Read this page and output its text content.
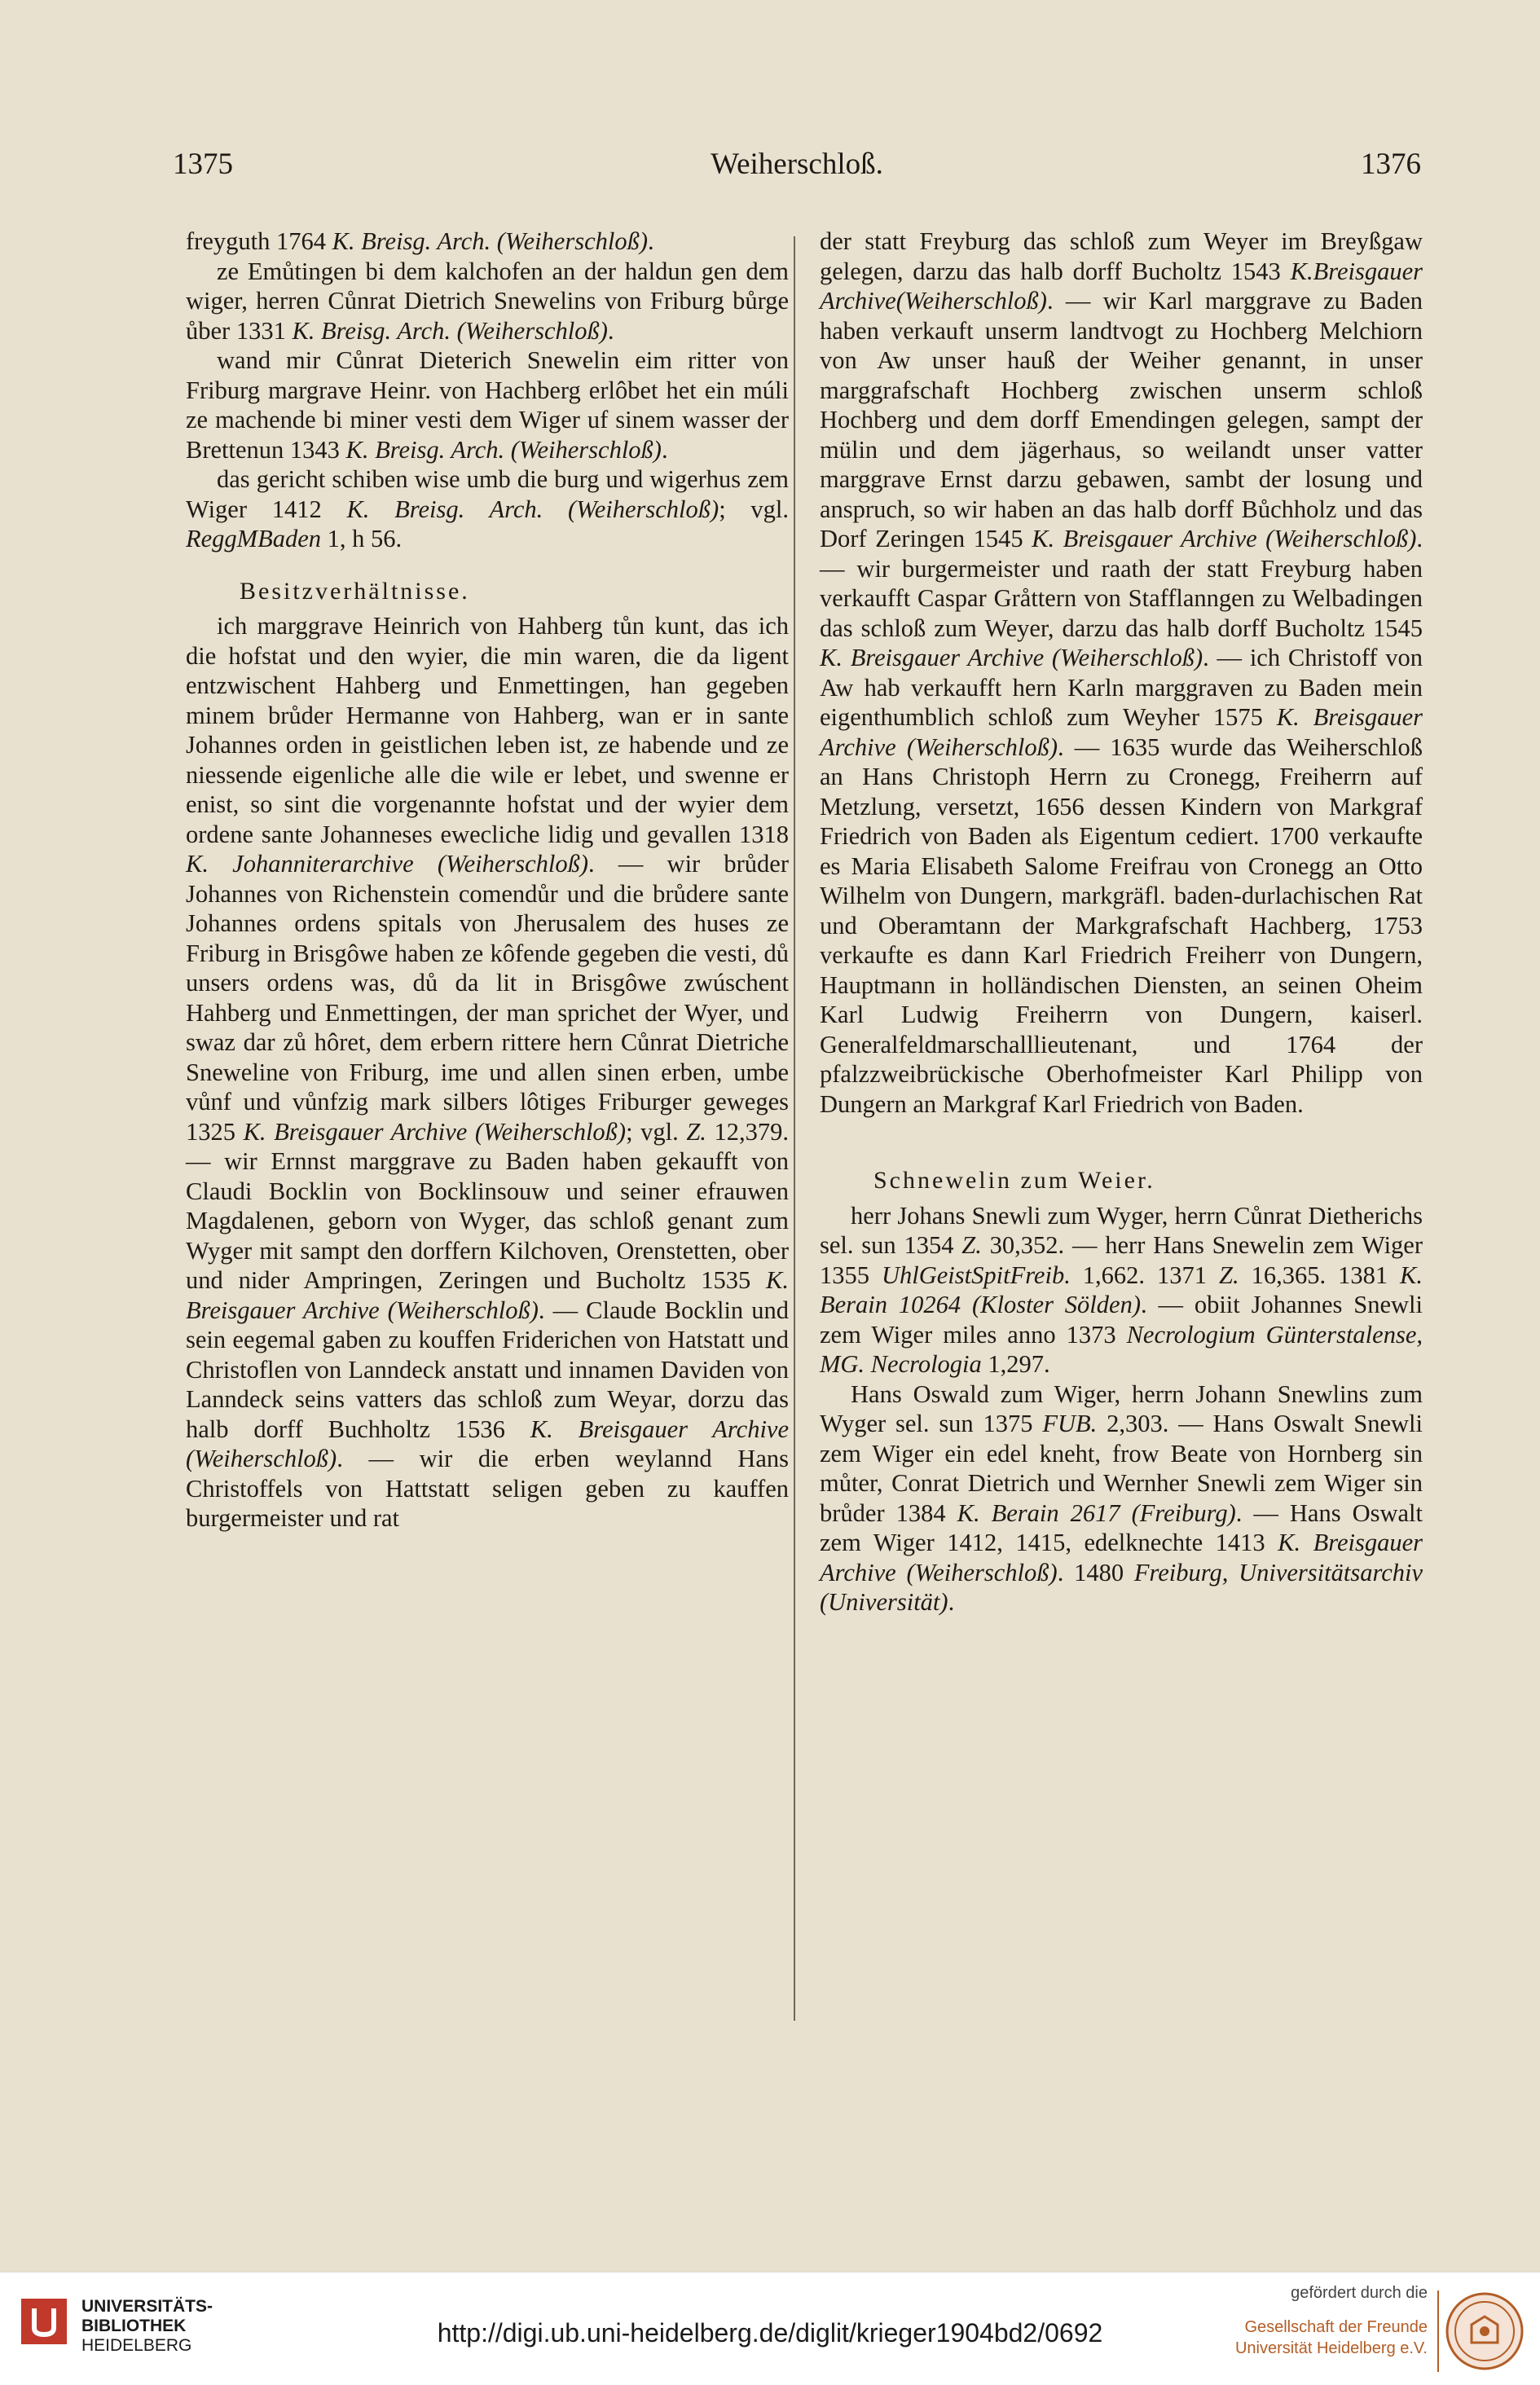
1375	Weiherschloß.	1376

freyguth 1764 K. Breisg. Arch. (Weiherschloß).

ze Emůtingen bi dem kalchofen an der haldun gen dem wiger, herren Cůnrat Dietrich Snewelins von Friburg bůrge ůber 1331 K. Breisg. Arch. (Weiherschloß).

wand mir Cůnrat Dieterich Snewelin eim ritter von Friburg margrave Heinr. von Hachberg erlôbet het ein múli ze machende bi miner vesti dem Wiger uf sinem wasser der Brettenun 1343 K. Breisg. Arch. (Weiherschloß).

das gericht schiben wise umb die burg und wigerhus zem Wiger 1412 K. Breisg. Arch. (Weiherschloß); vgl. ReggMBaden 1, h 56.

Besitzverhältnisse.

ich marggrave Heinrich von Hahberg tůn kunt, das ich die hofstat und den wyier, die min waren, die da ligent entzwischent Hahberg und Enmettingen, han gegeben minem brůder Hermanne von Hahberg, wan er in sante Johannes orden in geistlichen leben ist, ze habende und ze niessende eigenliche alle die wile er lebet, und swenne er enist, so sint die vorgenannte hofstat und der wyier dem ordene sante Johanneses ewecliche lidig und gevallen 1318 K. Johanniterarchive (Weiherschloß). — wir brůder Johannes von Richenstein comendůr und die brůdere sante Johannes ordens spitals von Jherusalem des huses ze Friburg in Brisgôwe haben ze kôfende gegeben die vesti, dů unsers ordens was, dů da lit in Brisgôwe zwúschent Hahberg und Enmettingen, der man sprichet der Wyer, und swaz dar zů hôret, dem erbern rittere hern Cůnrat Dietriche Sneweline von Friburg, ime und allen sinen erben, umbe vůnf und vůnfzig mark silbers lôtiges Friburger geweges 1325 K. Breisgauer Archive (Weiherschloß); vgl. Z. 12,379. — wir Ernnst marggrave zu Baden haben gekaufft von Claudi Bocklin von Bocklinsouw und seiner efrauwen Magdalenen, geborn von Wyger, das schloß genant zum Wyger mit sampt den dorffern Kilchoven, Orenstetten, ober und nider Ampringen, Zeringen und Bucholtz 1535 K. Breisgauer Archive (Weiherschloß). — Claude Bocklin und sein eegemal gaben zu kouffen Friderichen von Hatstatt und Christoflen von Lanndeck anstatt und innamen Daviden von Lanndeck seins vatters das schloß zum Weyar, dorzu das halb dorff Buchholtz 1536 K. Breisgauer Archive (Weiherschloß). — wir die erben weylannd Hans Christoffels von Hattstatt seligen geben zu kauffen burgermeister und rat

der statt Freyburg das schloß zum Weyer im Breyßgaw gelegen, darzu das halb dorff Bucholtz 1543 K.Breisgauer Archive(Weiherschloß). — wir Karl marggrave zu Baden haben verkauft unserm landtvogt zu Hochberg Melchiorn von Aw unser hauß der Weiher genannt, in unser marggrafschaft Hochberg zwischen unserm schloß Hochberg und dem dorff Emendingen gelegen, sampt der mülin und dem jägerhaus, so weilandt unser vatter marggrave Ernst darzu gebawen, sambt der losung und anspruch, so wir haben an das halb dorff Bůchholz und das Dorf Zeringen 1545 K. Breisgauer Archive (Weiherschloß). — wir burgermeister und raath der statt Freyburg haben verkaufft Caspar Gråttern von Stafflanngen zu Welbadingen das schloß zum Weyer, darzu das halb dorff Bucholtz 1545 K. Breisgauer Archive (Weiherschloß). — ich Christoff von Aw hab verkaufft hern Karln marggraven zu Baden mein eigenthumblich schloß zum Weyher 1575 K. Breisgauer Archive (Weiherschloß). — 1635 wurde das Weiherschloß an Hans Christoph Herrn zu Cronegg, Freiherrn auf Metzlung, versetzt, 1656 dessen Kindern von Markgraf Friedrich von Baden als Eigentum cediert. 1700 verkaufte es Maria Elisabeth Salome Freifrau von Cronegg an Otto Wilhelm von Dungern, markgräfl. baden-durlachischen Rat und Oberamtann der Markgrafschaft Hachberg, 1753 verkaufte es dann Karl Friedrich Freiherr von Dungern, Hauptmann in holländischen Diensten, an seinen Oheim Karl Ludwig Freiherrn von Dungern, kaiserl. Generalfeldmarschalllieutenant, und 1764 der pfalzzweibrückische Oberhofmeister Karl Philipp von Dungern an Markgraf Karl Friedrich von Baden.

Schnewelin zum Weier.

herr Johans Snewli zum Wyger, herrn Cůnrat Dietherichs sel. sun 1354 Z. 30,352. — herr Hans Snewelin zem Wiger 1355 UhlGeistSpitFreib. 1,662. 1371 Z. 16,365. 1381 K. Berain 10264 (Kloster Sölden). — obiit Johannes Snewli zem Wiger miles anno 1373 Necrologium Günterstalense, MG. Necrologia 1,297.

Hans Oswald zum Wiger, herrn Johann Snewlins zum Wyger sel. sun 1375 FUB. 2,303. — Hans Oswalt Snewli zem Wiger ein edel kneht, frow Beate von Hornberg sin můter, Conrat Dietrich und Wernher Snewli zem Wiger sin brůder 1384 K. Berain 2617 (Freiburg). — Hans Oswalt zem Wiger 1412, 1415, edelknechte 1413 K. Breisgauer Archive (Weiherschloß). 1480 Freiburg, Universitätsarchiv (Universität).

UNIVERSITÄTS-
BIBLIOTHEK
HEIDELBERG	http://digi.ub.uni-heidelberg.de/diglit/krieger1904bd2/0692
gefördert durch die
Gesellschaft der Freunde
Universität Heidelberg e.V.
